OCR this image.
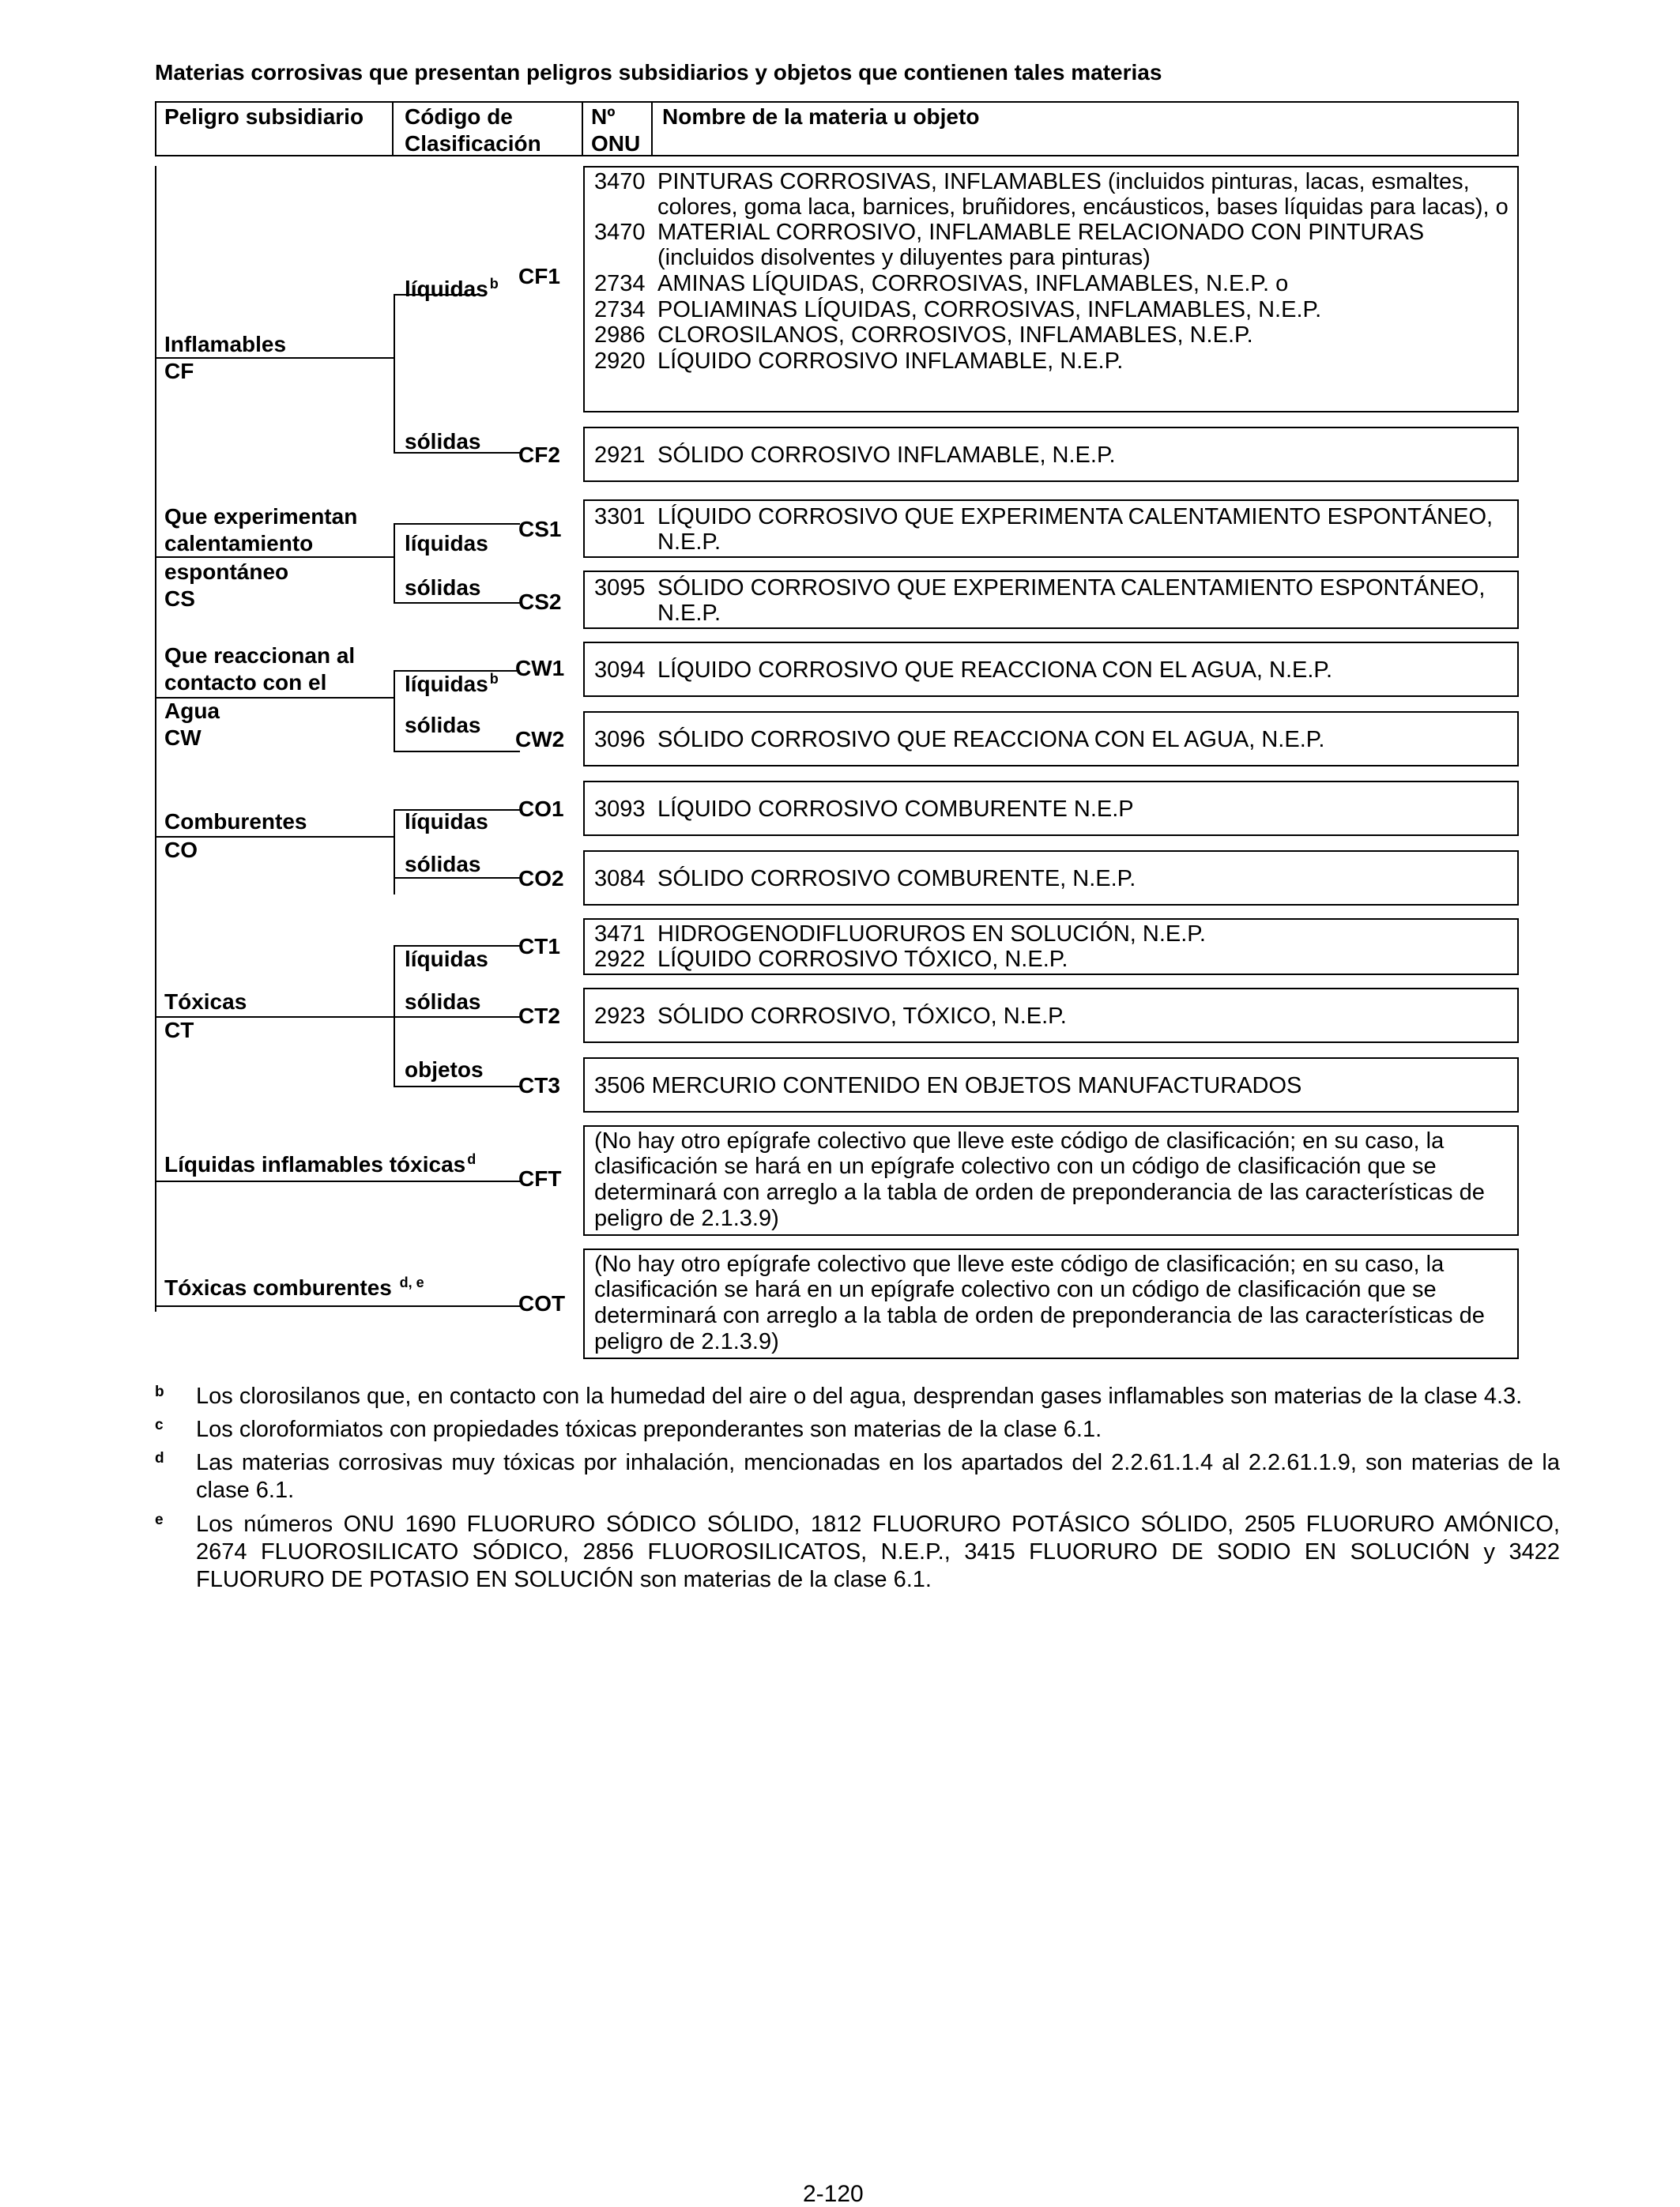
Materias corrosivas que presentan peligros subsidiarios y objetos que contienen tales materias
Peligro subsidiario Código de
Clasificación
Nº
ONU
Nombre de la materia u objeto
Inflamables
CF
líquidas $^b$
sólidas
CF1
CF2
3470 PINTURAS CORROSIVAS, INFLAMABLES (incluidos pinturas, lacas, esmaltes,
colores, goma laca, barnices, bruñidores, encáusticos, bases líquidas para lacas), o
3470 MATERIAL CORROSIVO, INFLAMABLE RELACIONADO CON PINTURAS
(incluidos disolventes y diluyentes para pinturas)
2734 AMINAS LÍQUIDAS, CORROSIVAS, INFLAMABLES, N.E.P. o
2734 POLIAMINAS LÍQUIDAS, CORROSIVAS, INFLAMABLES, N.E.P.
2986 CLOROSILANOS, CORROSIVOS, INFLAMABLES, N.E.P.
2920 LÍQUIDO CORROSIVO INFLAMABLE, N.E.P.
2921 SÓLIDO CORROSIVO INFLAMABLE, N.E.P.
Que experimentan
calentamiento
espontáneo
CS
líquidas
sólidas
CS1
CS2
3301 LÍQUIDO CORROSIVO QUE EXPERIMENTA CALENTAMIENTO ESPONTÁNEO,
N.E.P.
3095 SÓLIDO CORROSIVO QUE EXPERIMENTA CALENTAMIENTO ESPONTÁNEO,
N.E.P.
Que reaccionan al
contacto con el
Agua
CW
líquidas $^b$
sólidas
CW1
CW2
3094 LÍQUIDO CORROSIVO QUE REACCIONA CON EL AGUA, N.E.P.
3096 SÓLIDO CORROSIVO QUE REACCIONA CON EL AGUA, N.E.P.
Comburentes
CO
líquidas
sólidas
CO1
CO2
3093 LÍQUIDO CORROSIVO COMBURENTE N.E.P
3084 SÓLIDO CORROSIVO COMBURENTE, N.E.P.
Tóxicas
CT
líquidas
sólidas
objetos
CT1
CT2
CT3
3471 HIDROGENODIFLUORUROS EN SOLUCIÓN, N.E.P.
2922 LÍQUIDO CORROSIVO TÓXICO, N.E.P.
2923 SÓLIDO CORROSIVO, TÓXICO, N.E.P.
3506 MERCURIO CONTENIDO EN OBJETOS MANUFACTURADOS
Líquidas inflamables tóxicas $^d$
CFT
(No hay otro epígrafe colectivo que lleve este código de clasificación; en su caso, la
clasificación se hará en un epígrafe colectivo con un código de clasificación que se
determinará con arreglo a la tabla de orden de preponderancia de las características de
peligro de 2.1.3.9)
Tóxicas comburentes $^{d, e}$
COT
(No hay otro epígrafe colectivo que lleve este código de clasificación; en su caso, la
clasificación se hará en un epígrafe colectivo con un código de clasificación que se
determinará con arreglo a la tabla de orden de preponderancia de las características de
peligro de 2.1.3.9)
b Los clorosilanos que, en contacto con la humedad del aire o del agua, desprendan gases inflamables son materias de la clase 4.3.
c Los cloroformiatos con propiedades tóxicas preponderantes son materias de la clase 6.1.
d Las materias corrosivas muy tóxicas por inhalación, mencionadas en los apartados del 2.2.61.1.4 al 2.2.61.1.9, son materias de la clase 6.1.
e Los números ONU 1690 FLUORURO SÓDICO SÓLIDO, 1812 FLUORURO POTÁSICO SÓLIDO, 2505 FLUORURO AMÓNICO, 2674 FLUOROSILICATO SÓDICO, 2856 FLUOROSILICATOS, N.E.P., 3415 FLUORURO DE SODIO EN SOLUCIÓN y 3422 FLUORURO DE POTASIO EN SOLUCIÓN son materias de la clase 6.1.
2-120
